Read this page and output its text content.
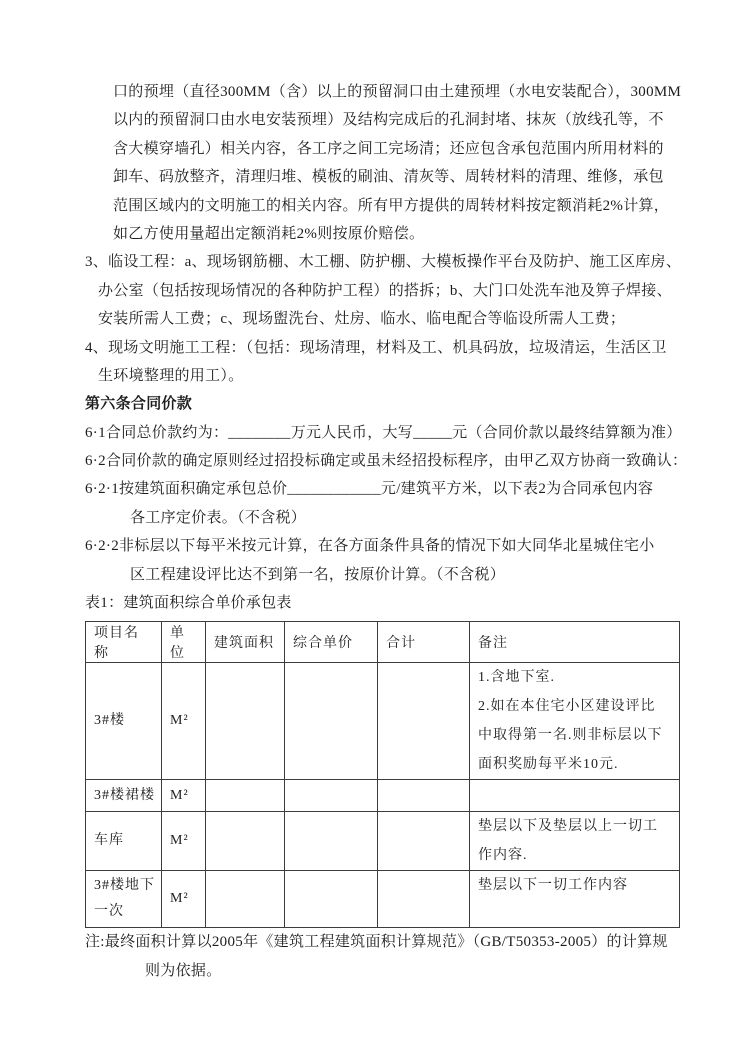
口的预埋（直径300MM（含）以上的预留洞口由土建预埋（水电安装配合），300MM
以内的预留洞口由水电安装预埋）及结构完成后的孔洞封堵、抹灰（放线孔等，不
含大模穿墙孔）相关内容，各工序之间工完场清；还应包含承包范围内所用材料的
卸车、码放整齐，清理归堆、模板的刷油、清灰等、周转材料的清理、维修，承包
范围区域内的文明施工的相关内容。所有甲方提供的周转材料按定额消耗2%计算，
如乙方使用量超出定额消耗2%则按原价赔偿。
3、临设工程：a、现场钢筋棚、木工棚、防护棚、大模板操作平台及防护、施工区库房、
办公室（包括按现场情况的各种防护工程）的搭拆；b、大门口处洗车池及箅子焊接、
安装所需人工费；c、现场盥洗台、灶房、临水、临电配合等临设所需人工费；
4、现场文明施工工程：（包括：现场清理，材料及工、机具码放，垃圾清运，生活区卫
生环境整理的用工）。
第六条合同价款
6·1合同总价款约为：________万元人民币，大写_____元（合同价款以最终结算额为准）
6·2合同价款的确定原则经过招投标确定或虽未经招投标程序，由甲乙双方协商一致确认：
6·2·1按建筑面积确定承包总价____________元/建筑平方米，以下表2为合同承包内容
各工序定价表。（不含税）
6·2·2非标层以下每平米按元计算，在各方面条件具备的情况下如大同华北星城住宅小
区工程建设评比达不到第一名，按原价计算。（不含税）
表1：建筑面积综合单价承包表
项目名称	单位	建筑面积	综合单价	合计	备注

3#楼	M²				1.含地下室.
2.如在本住宅小区建设评比
中取得第一名.则非标层以下
面积奖励每平米10元.

3#楼裙楼	M²				

车库	M²				垫层以下及垫层以上一切工
作内容.

3#楼地下
一次	M²				垫层以下一切工作内容
注:最终面积计算以2005年《建筑工程建筑面积计算规范》（GB/T50353-2005）的计算规
则为依据。
